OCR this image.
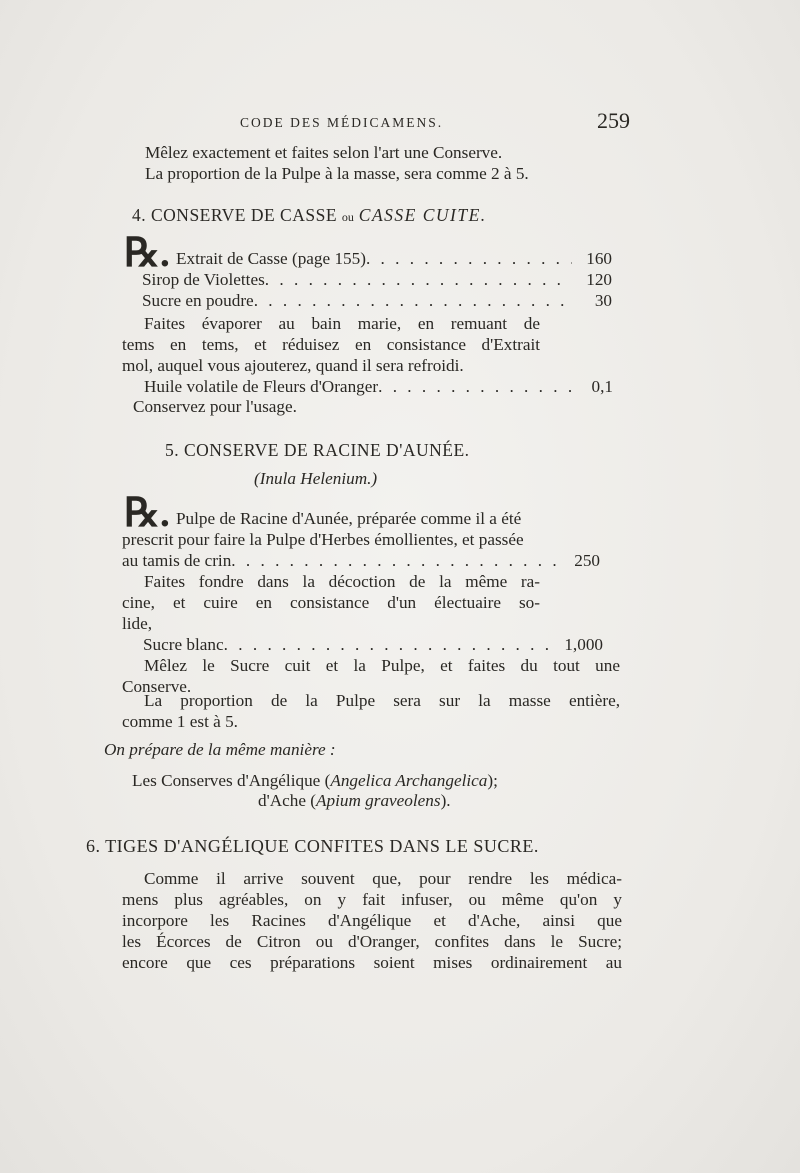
CODE DES MÉDICAMENS.	259
Mêlez exactement et faites selon l'art une Conserve.
La proportion de la Pulpe à la masse, sera comme 2 à 5.
4. CONSERVE DE CASSE ou CASSE CUITE.
℞. Extrait de Casse (page 155) . . .	160
Sirop de Violettes . . .	120
Sucre en poudre . . .	30
Faites évaporer au bain marie, en remuant de
tems en tems, et réduisez en consistance d'Extrait
mol, auquel vous ajouterez, quand il sera refroidi.
Huile volatile de Fleurs d'Oranger . . .	0,1
Conservez pour l'usage.
5. CONSERVE DE RACINE D'AUNÉE.
(Inula Helenium.)
℞. Pulpe de Racine d'Aunée, préparée comme il a été
prescrit pour faire la Pulpe d'Herbes émollientes, et passée
au tamis de crin . . .	250
Faites fondre dans la décoction de la même ra-
cine, et cuire en consistance d'un électuaire so-
lide,
Sucre blanc . . .	1,000
Mêlez le Sucre cuit et la Pulpe, et faites du tout une
Conserve.
La proportion de la Pulpe sera sur la masse entière,
comme 1 est à 5.
On prépare de la même manière :
Les Conserves d'Angélique (Angelica Archangelica);
d'Ache (Apium graveolens).
6. TIGES D'ANGÉLIQUE CONFITES DANS LE SUCRE.
Comme il arrive souvent que, pour rendre les médica-
mens plus agréables, on y fait infuser, ou même qu'on y
incorpore les Racines d'Angélique et d'Ache, ainsi que
les Écorces de Citron ou d'Oranger, confites dans le Sucre;
encore que ces préparations soient mises ordinairement au
